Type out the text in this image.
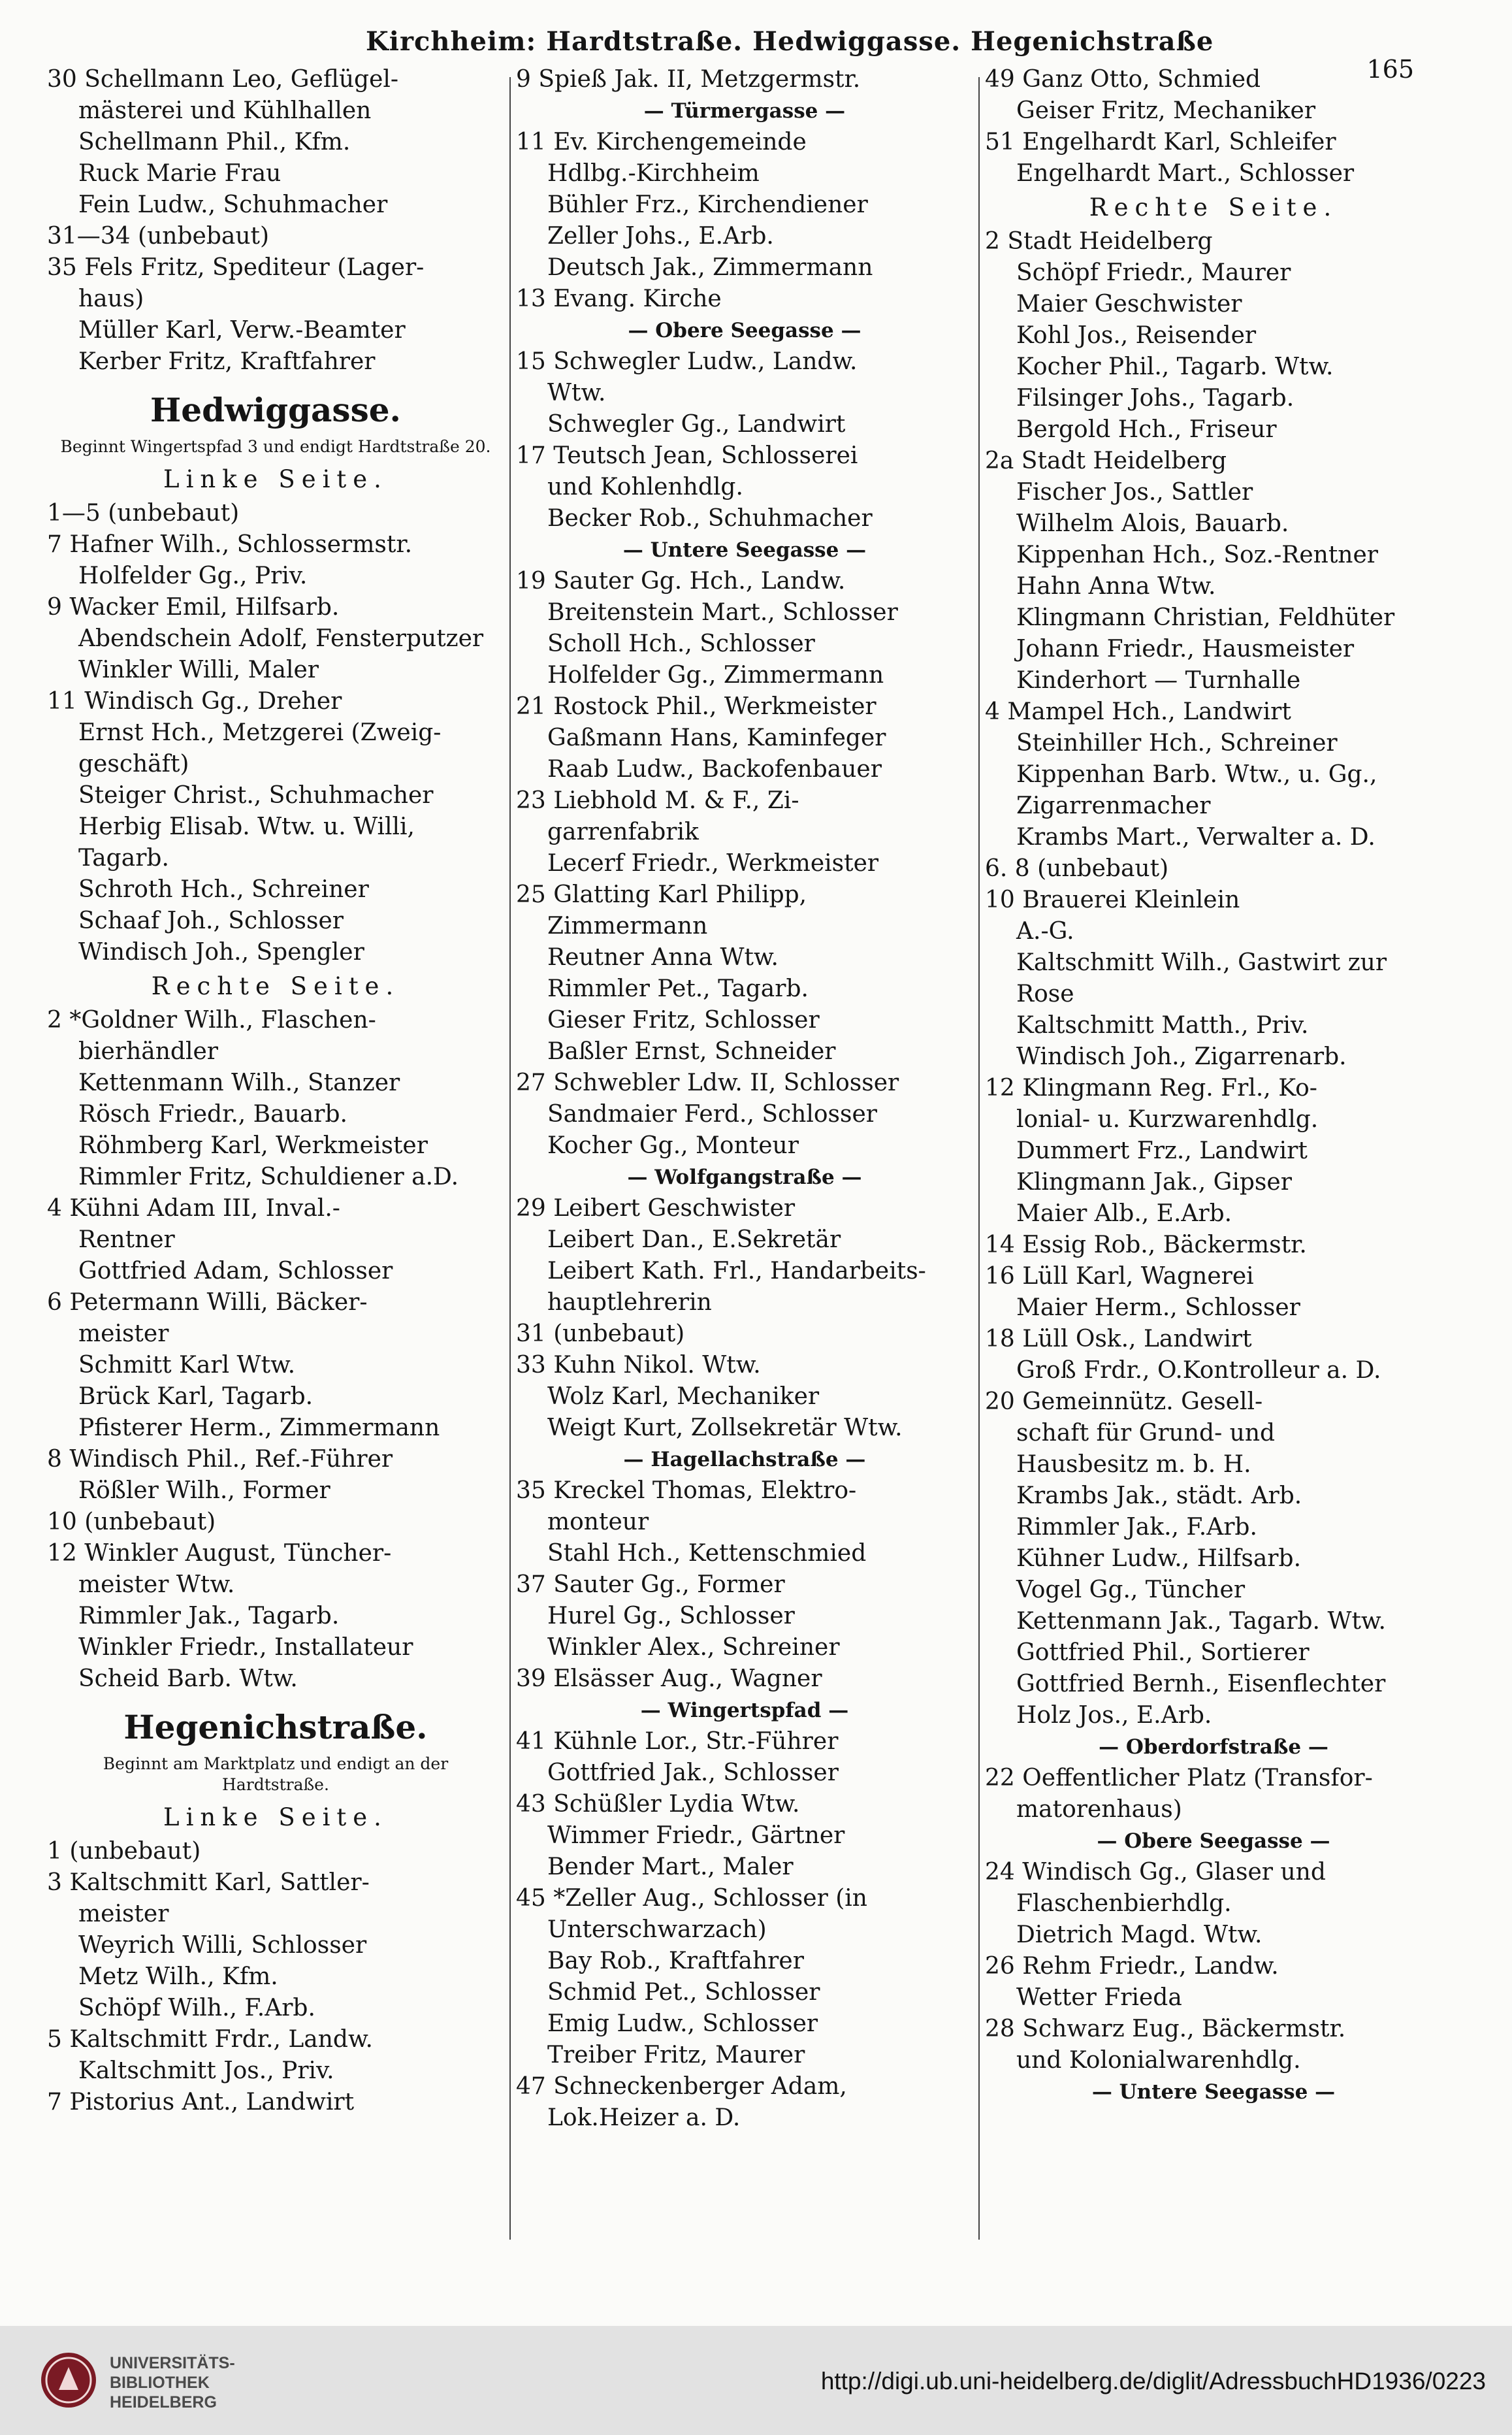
Kirchheim: Hardtstraße. Hedwiggasse. Hegenichstraße
165

30 Schellmann Leo, Geflügel-

mästerei und Kühlhallen

Schellmann Phil., Kfm.

Ruck Marie Frau

Fein Ludw., Schuhmacher

31—34 (unbebaut)

35 Fels Fritz, Spediteur (Lager-

haus)

Müller Karl, Verw.-Beamter

Kerber Fritz, Kraftfahrer

Hedwiggasse.

Beginnt Wingertspfad 3 und endigt Hardtstraße 20.

Linke Seite.

1—5 (unbebaut)

7 Hafner Wilh., Schlossermstr.

Holfelder Gg., Priv.

9 Wacker Emil, Hilfsarb.

Abendschein Adolf, Fensterputzer

Winkler Willi, Maler

11 Windisch Gg., Dreher

Ernst Hch., Metzgerei (Zweig-

geschäft)

Steiger Christ., Schuhmacher

Herbig Elisab. Wtw. u. Willi,

Tagarb.

Schroth Hch., Schreiner

Schaaf Joh., Schlosser

Windisch Joh., Spengler

Rechte Seite.

2 *Goldner Wilh., Flaschen-

bierhändler

Kettenmann Wilh., Stanzer

Rösch Friedr., Bauarb.

Röhmberg Karl, Werkmeister

Rimmler Fritz, Schuldiener a.D.

4 Kühni Adam III, Inval.-

Rentner

Gottfried Adam, Schlosser

6 Petermann Willi, Bäcker-

meister

Schmitt Karl Wtw.

Brück Karl, Tagarb.

Pfisterer Herm., Zimmermann

8 Windisch Phil., Ref.-Führer

Rößler Wilh., Former

10 (unbebaut)

12 Winkler August, Tüncher-

meister Wtw.

Rimmler Jak., Tagarb.

Winkler Friedr., Installateur

Scheid Barb. Wtw.

Hegenichstraße.

Beginnt am Marktplatz und endigt an der Hardtstraße.

Linke Seite.

1 (unbebaut)

3 Kaltschmitt Karl, Sattler-

meister

Weyrich Willi, Schlosser

Metz Wilh., Kfm.

Schöpf Wilh., F.Arb.

5 Kaltschmitt Frdr., Landw.

Kaltschmitt Jos., Priv.

7 Pistorius Ant., Landwirt

9 Spieß Jak. II, Metzgermstr.

— Türmergasse —

11 Ev. Kirchengemeinde

Hdlbg.-Kirchheim

Bühler Frz., Kirchendiener

Zeller Johs., E.Arb.

Deutsch Jak., Zimmermann

13 Evang. Kirche

— Obere Seegasse —

15 Schwegler Ludw., Landw.

Wtw.

Schwegler Gg., Landwirt

17 Teutsch Jean, Schlosserei

und Kohlenhdlg.

Becker Rob., Schuhmacher

— Untere Seegasse —

19 Sauter Gg. Hch., Landw.

Breitenstein Mart., Schlosser

Scholl Hch., Schlosser

Holfelder Gg., Zimmermann

21 Rostock Phil., Werkmeister

Gaßmann Hans, Kaminfeger

Raab Ludw., Backofenbauer

23 Liebhold M. & F., Zi-

garrenfabrik

Lecerf Friedr., Werkmeister

25 Glatting Karl Philipp,

Zimmermann

Reutner Anna Wtw.

Rimmler Pet., Tagarb.

Gieser Fritz, Schlosser

Baßler Ernst, Schneider

27 Schwebler Ldw. II, Schlosser

Sandmaier Ferd., Schlosser

Kocher Gg., Monteur

— Wolfgangstraße —

29 Leibert Geschwister

Leibert Dan., E.Sekretär

Leibert Kath. Frl., Handarbeits-

hauptlehrerin

31 (unbebaut)

33 Kuhn Nikol. Wtw.

Wolz Karl, Mechaniker

Weigt Kurt, Zollsekretär Wtw.

— Hagellachstraße —

35 Kreckel Thomas, Elektro-

monteur

Stahl Hch., Kettenschmied

37 Sauter Gg., Former

Hurel Gg., Schlosser

Winkler Alex., Schreiner

39 Elsässer Aug., Wagner

— Wingertspfad —

41 Kühnle Lor., Str.-Führer

Gottfried Jak., Schlosser

43 Schüßler Lydia Wtw.

Wimmer Friedr., Gärtner

Bender Mart., Maler

45 *Zeller Aug., Schlosser (in

Unterschwarzach)

Bay Rob., Kraftfahrer

Schmid Pet., Schlosser

Emig Ludw., Schlosser

Treiber Fritz, Maurer

47 Schneckenberger Adam,

Lok.Heizer a. D.

49 Ganz Otto, Schmied

Geiser Fritz, Mechaniker

51 Engelhardt Karl, Schleifer

Engelhardt Mart., Schlosser

Rechte Seite.

2 Stadt Heidelberg

Schöpf Friedr., Maurer

Maier Geschwister

Kohl Jos., Reisender

Kocher Phil., Tagarb. Wtw.

Filsinger Johs., Tagarb.

Bergold Hch., Friseur

2a Stadt Heidelberg

Fischer Jos., Sattler

Wilhelm Alois, Bauarb.

Kippenhan Hch., Soz.-Rentner

Hahn Anna Wtw.

Klingmann Christian, Feldhüter

Johann Friedr., Hausmeister

Kinderhort — Turnhalle

4 Mampel Hch., Landwirt

Steinhiller Hch., Schreiner

Kippenhan Barb. Wtw., u. Gg.,

Zigarrenmacher

Krambs Mart., Verwalter a. D.

6. 8 (unbebaut)

10 Brauerei Kleinlein

A.-G.

Kaltschmitt Wilh., Gastwirt zur

Rose

Kaltschmitt Matth., Priv.

Windisch Joh., Zigarrenarb.

12 Klingmann Reg. Frl., Ko-

lonial- u. Kurzwarenhdlg.

Dummert Frz., Landwirt

Klingmann Jak., Gipser

Maier Alb., E.Arb.

14 Essig Rob., Bäckermstr.

16 Lüll Karl, Wagnerei

Maier Herm., Schlosser

18 Lüll Osk., Landwirt

Groß Frdr., O.Kontrolleur a. D.

20 Gemeinnütz. Gesell-

schaft für Grund- und

Hausbesitz m. b. H.

Krambs Jak., städt. Arb.

Rimmler Jak., F.Arb.

Kühner Ludw., Hilfsarb.

Vogel Gg., Tüncher

Kettenmann Jak., Tagarb. Wtw.

Gottfried Phil., Sortierer

Gottfried Bernh., Eisenflechter

Holz Jos., E.Arb.

— Oberdorfstraße —

22 Oeffentlicher Platz (Transfor-

matorenhaus)

— Obere Seegasse —

24 Windisch Gg., Glaser und

Flaschenbierhdlg.

Dietrich Magd. Wtw.

26 Rehm Friedr., Landw.

Wetter Frieda

28 Schwarz Eug., Bäckermstr.

und Kolonialwarenhdlg.

— Untere Seegasse —

UNIVERSITÄTS-
BIBLIOTHEK
HEIDELBERG
http://digi.ub.uni-heidelberg.de/diglit/AdressbuchHD1936/0223
